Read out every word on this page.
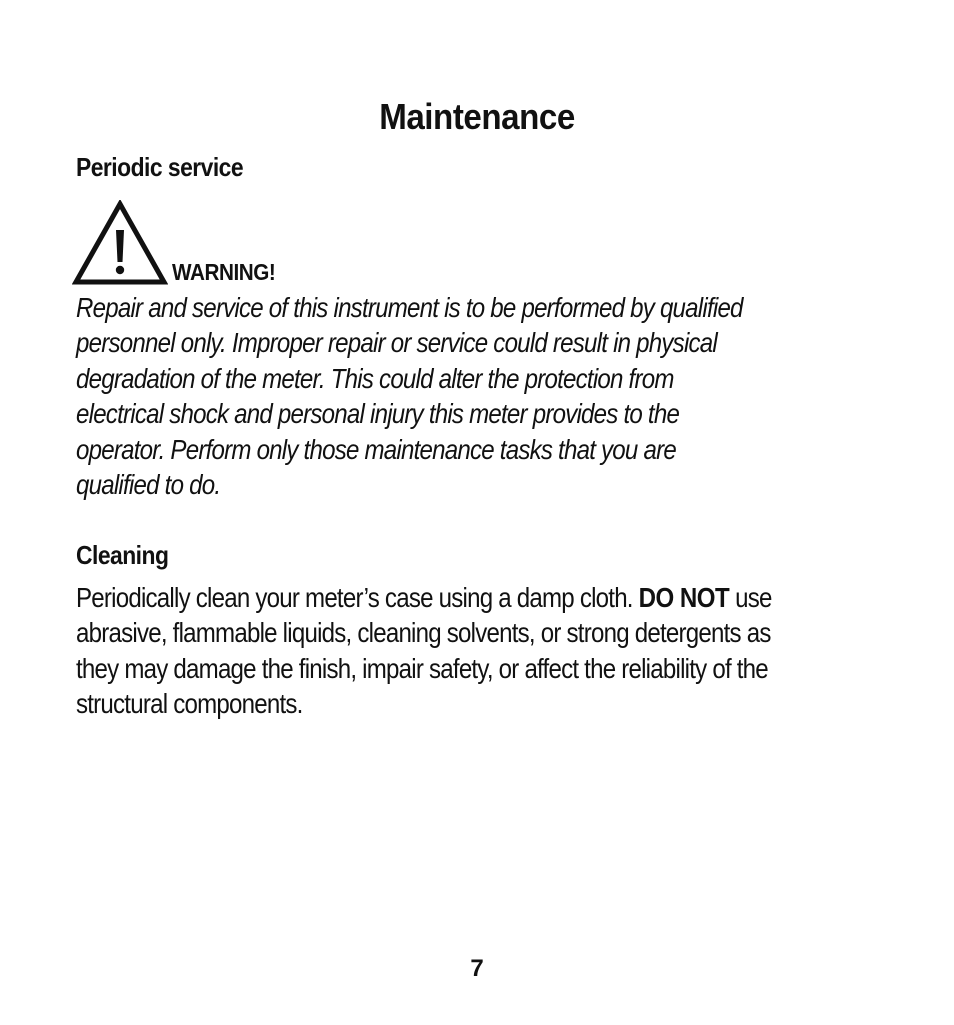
Maintenance
Periodic service
WARNING!
Repair and service of this instrument is to be performed by qualified
personnel only. Improper repair or service could result in physical
degradation of the meter. This could alter the protection from
electrical shock and personal injury this meter provides to the
operator. Perform only those maintenance tasks that you are
qualified to do.
Cleaning
Periodically clean your meter’s case using a damp cloth. DO NOT use
abrasive, flammable liquids, cleaning solvents, or strong detergents as
they may damage the finish, impair safety, or affect the reliability of the
structural components.
7
